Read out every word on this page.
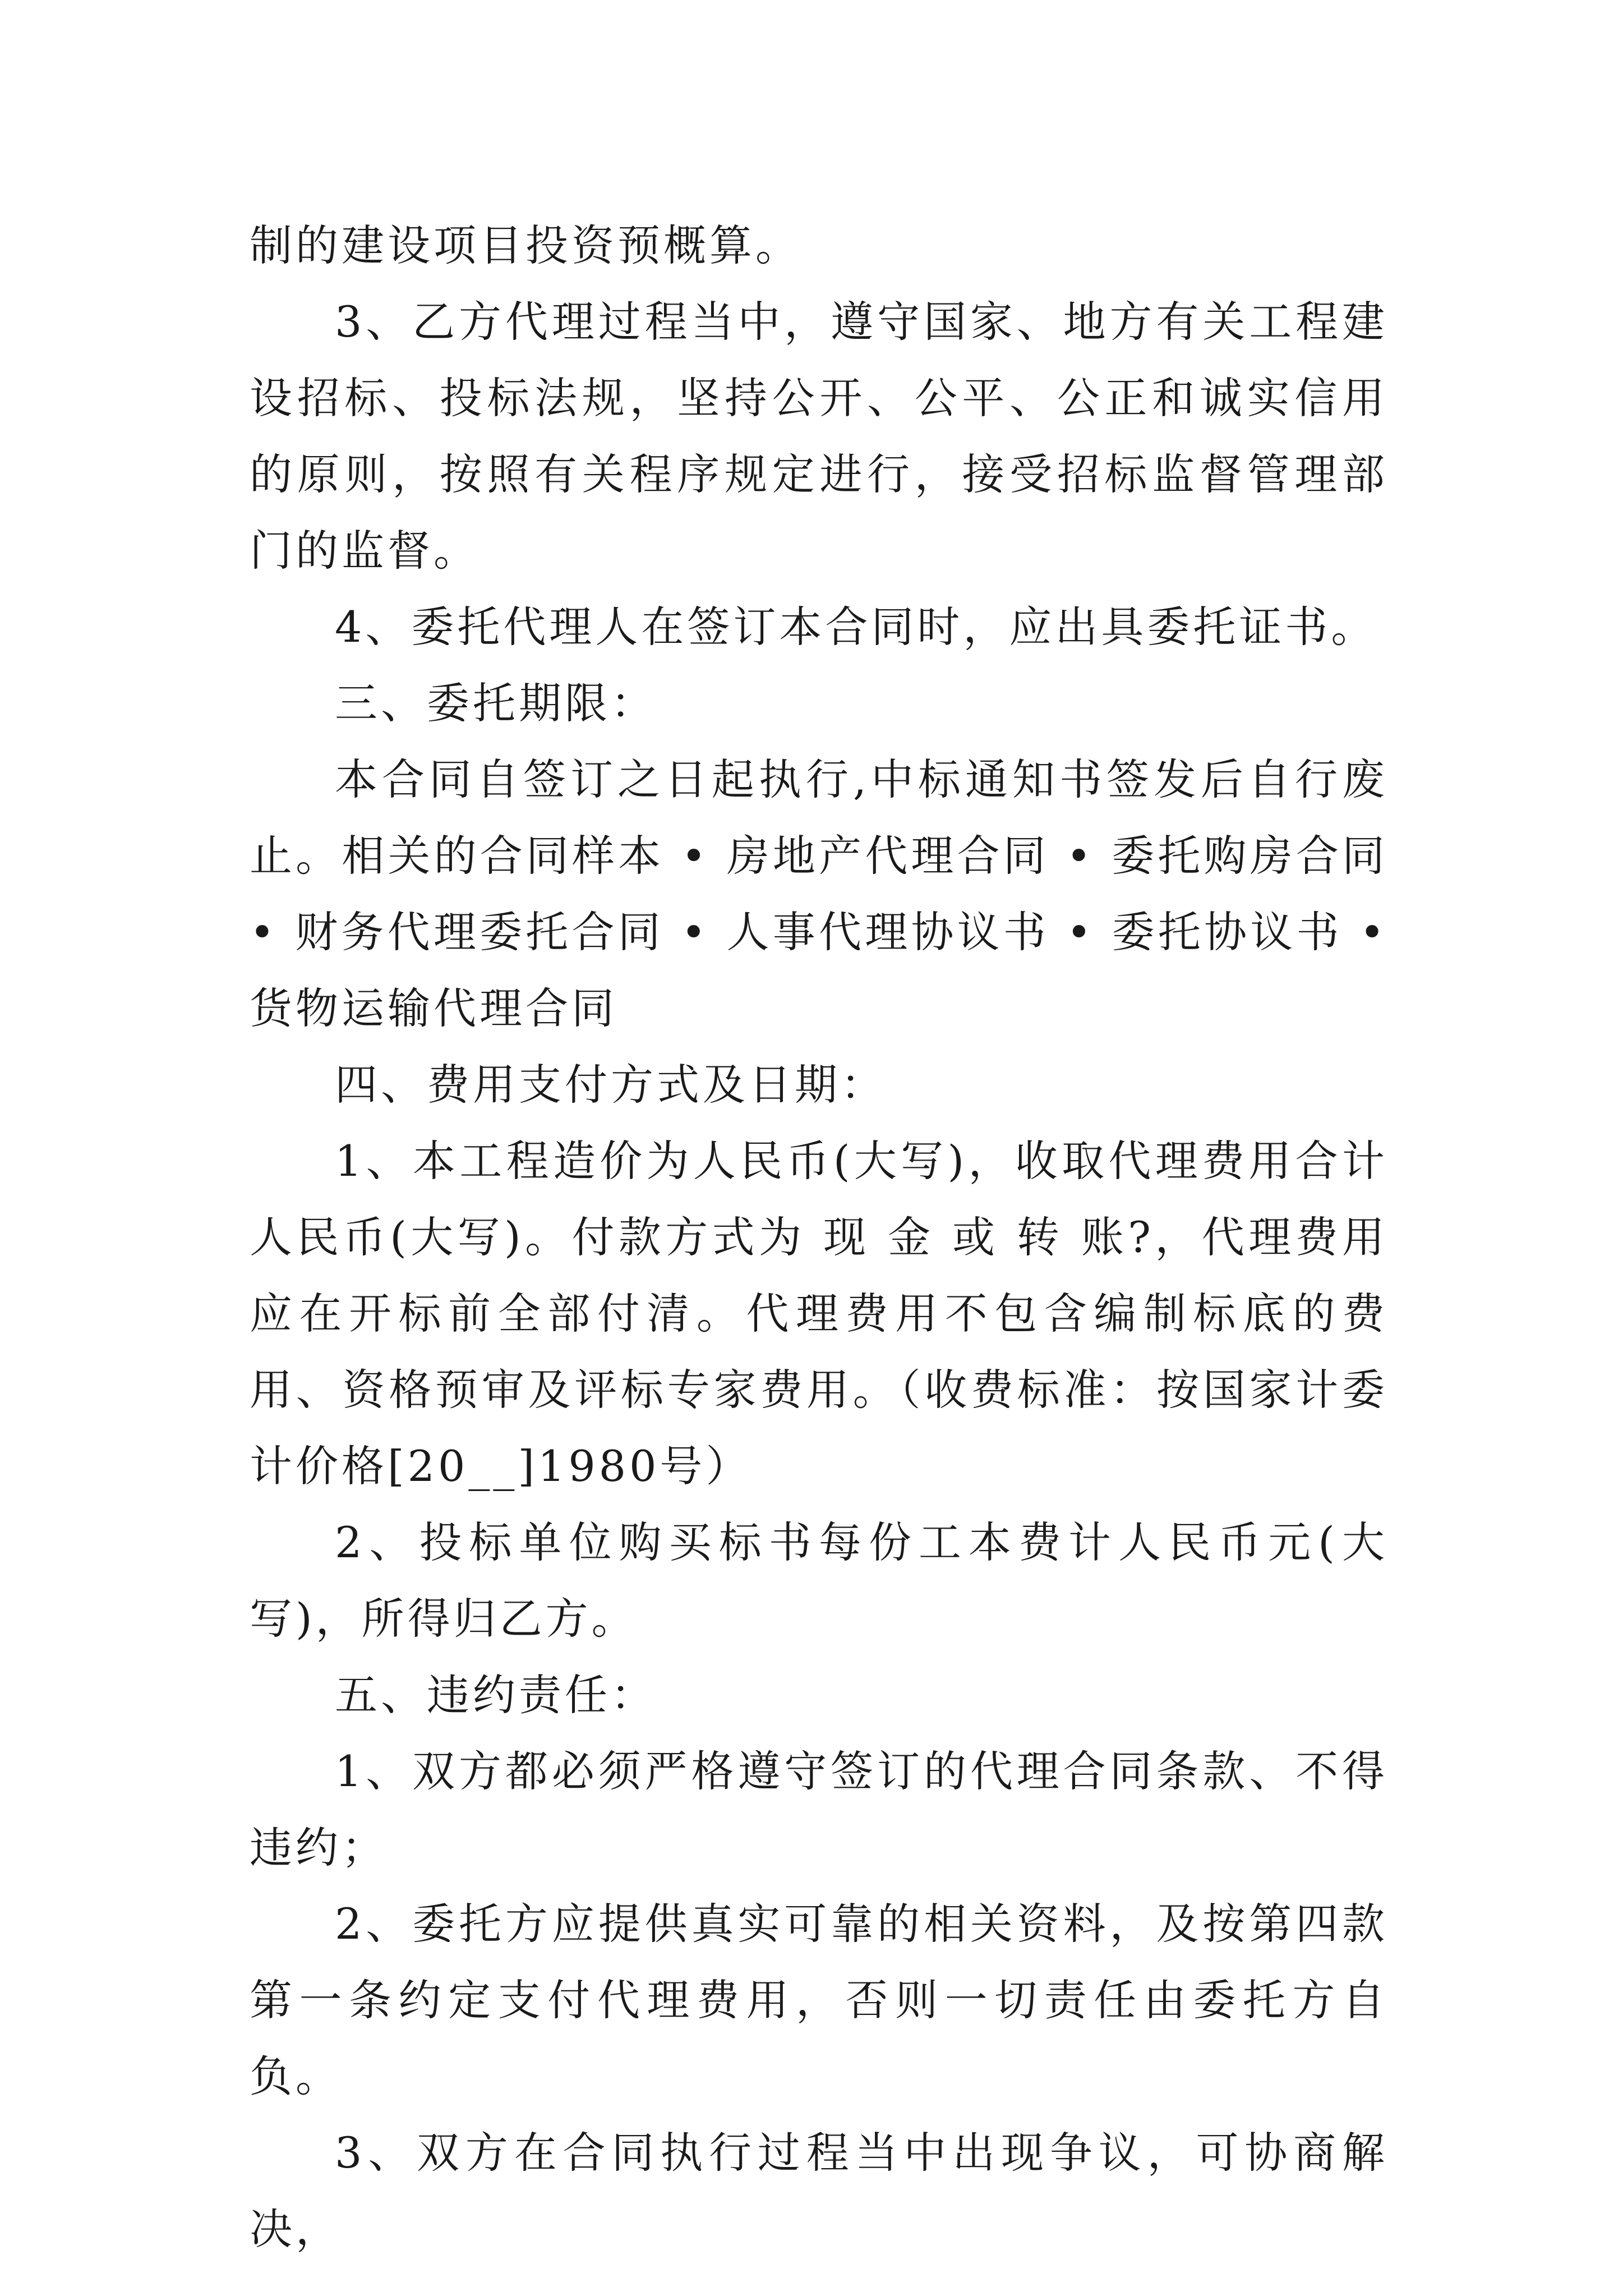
制的建设项目投资预概算。

3、乙方代理过程当中，遵守国家、地方有关工程建设招标、投标法规，坚持公开、公平、公正和诚实信用的原则，按照有关程序规定进行，接受招标监督管理部门的监督。

4、委托代理人在签订本合同时，应出具委托证书。

三、委托期限：

本合同自签订之日起执行,中标通知书签发后自行废止。相关的合同样本 • 房地产代理合同 • 委托购房合同 • 财务代理委托合同 • 人事代理协议书 • 委托协议书 • 货物运输代理合同

四、费用支付方式及日期：

1、本工程造价为人民币(大写)，收取代理费用合计人民币(大写)。付款方式为 现 金 或 转 账?，代理费用应在开标前全部付清。代理费用不包含编制标底的费用、资格预审及评标专家费用。（收费标准：按国家计委计价格[20__]1980号）

2、投标单位购买标书每份工本费计人民币元(大写)，所得归乙方。

五、违约责任：

1、双方都必须严格遵守签订的代理合同条款、不得违约；

2、委托方应提供真实可靠的相关资料，及按第四款第一条约定支付代理费用，否则一切责任由委托方自负。

3、双方在合同执行过程当中出现争议，可协商解决，
